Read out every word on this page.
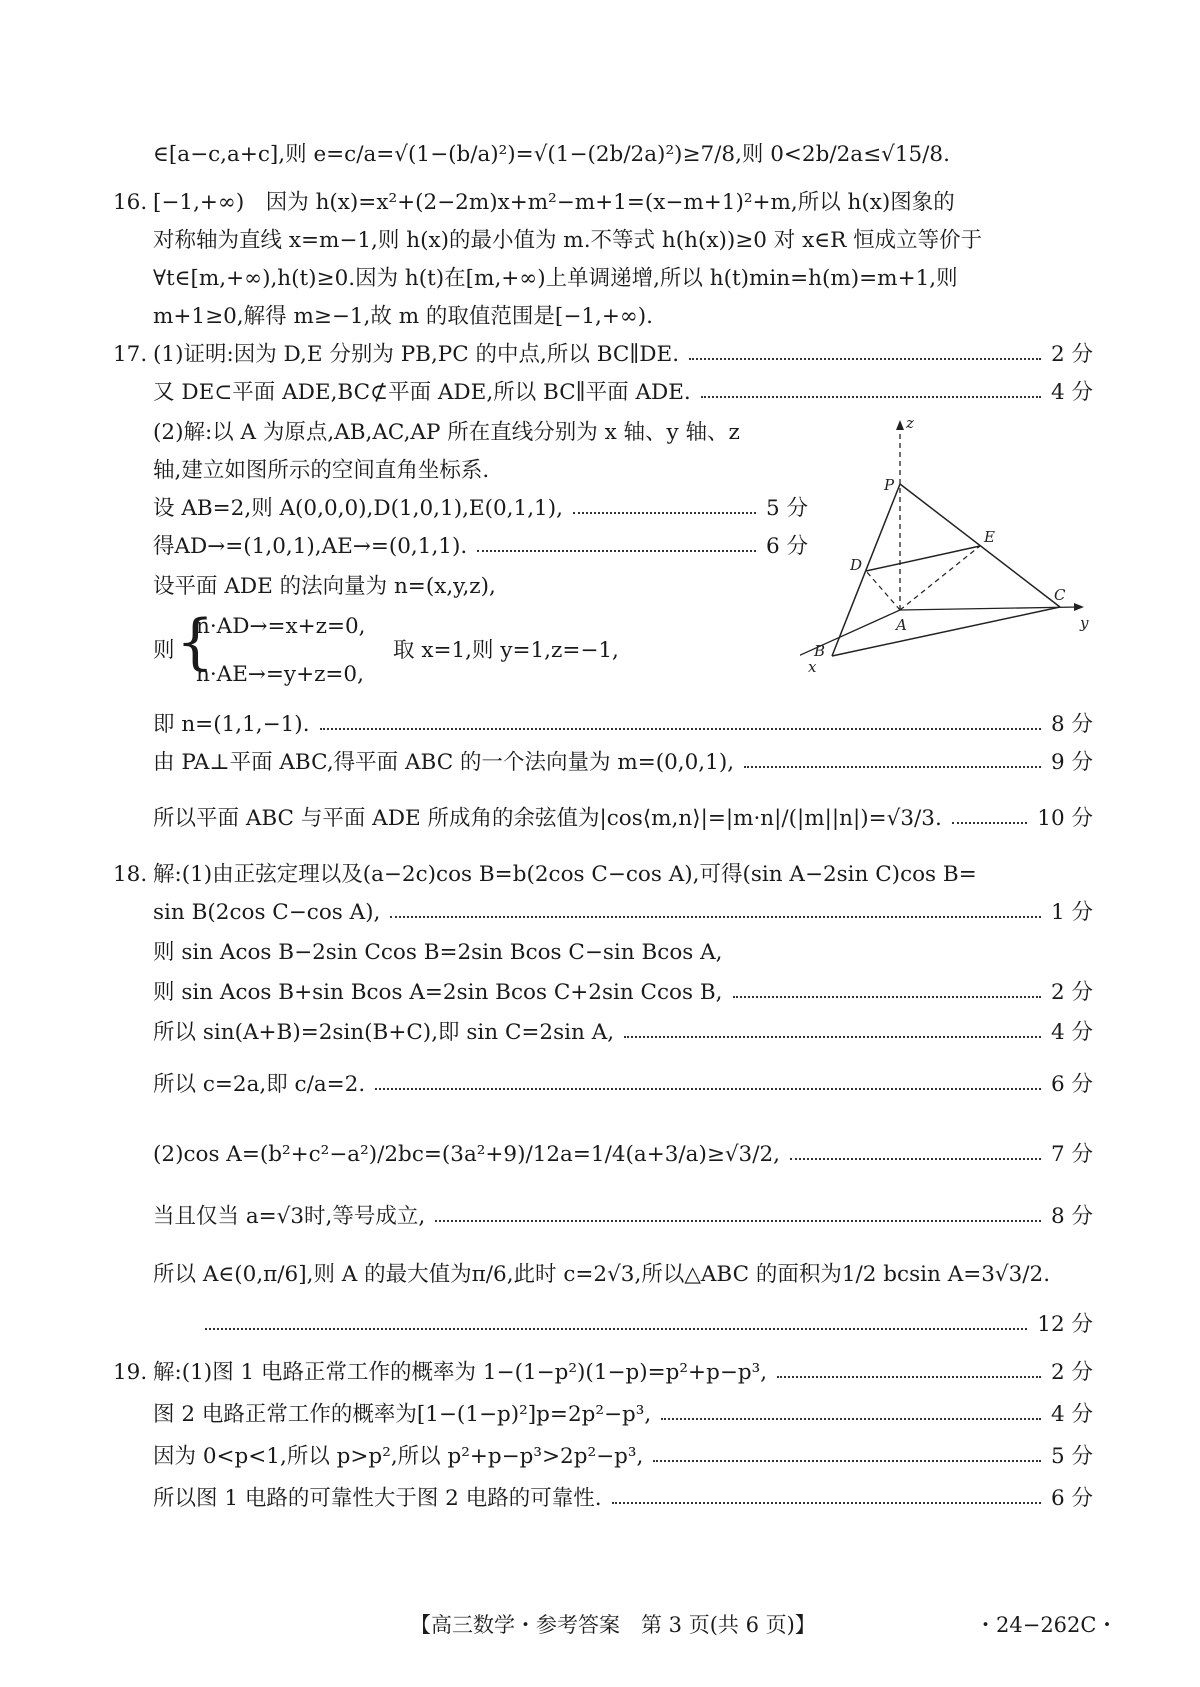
∈[a−c,a+c],则 e=c/a=√(1−(b/a)²)=√(1−(2b/2a)²)≥7/8,则 0<2b/2a≤√15/8.
16. [−1,+∞)　因为 h(x)=x²+(2−2m)x+m²−m+1=(x−m+1)²+m,所以 h(x)图象的
对称轴为直线 x=m−1,则 h(x)的最小值为 m.不等式 h(h(x))≥0 对 x∈R 恒成立等价于
∀t∈[m,+∞),h(t)≥0.因为 h(t)在[m,+∞)上单调递增,所以 h(t)min=h(m)=m+1,则
m+1≥0,解得 m≥−1,故 m 的取值范围是[−1,+∞).
17. (1)证明:因为 D,E 分别为 PB,PC 的中点,所以 BC∥DE.	2 分
又 DE⊂平面 ADE,BC⊄平面 ADE,所以 BC∥平面 ADE.	4 分
(2)解:以 A 为原点,AB,AC,AP 所在直线分别为 x 轴、y 轴、z
轴,建立如图所示的空间直角坐标系.
设 AB=2,则 A(0,0,0),D(1,0,1),E(0,1,1),	5 分
得AD→=(1,0,1),AE→=(0,1,1).	6 分
设平面 ADE 的法向量为 n=(x,y,z),
则 {
n·AD→=x+z=0,
n·AE→=y+z=0,
取 x=1,则 y=1,z=−1,
即 n=(1,1,−1).	8 分
由 PA⊥平面 ABC,得平面 ABC 的一个法向量为 m=(0,0,1),	9 分
所以平面 ABC 与平面 ADE 所成角的余弦值为|cos⟨m,n⟩|=|m·n|/(|m||n|)=√3/3.	10 分
z
P
E
D
A
C
y
B
x
18. 解:(1)由正弦定理以及(a−2c)cos B=b(2cos C−cos A),可得(sin A−2sin C)cos B=
sin B(2cos C−cos A),	1 分
则 sin Acos B−2sin Ccos B=2sin Bcos C−sin Bcos A,
则 sin Acos B+sin Bcos A=2sin Bcos C+2sin Ccos B,	2 分
所以 sin(A+B)=2sin(B+C),即 sin C=2sin A,	4 分
所以 c=2a,即 c/a=2.	6 分
(2)cos A=(b²+c²−a²)/2bc=(3a²+9)/12a=1/4(a+3/a)≥√3/2,	7 分
当且仅当 a=√3时,等号成立,	8 分
所以 A∈(0,π/6],则 A 的最大值为π/6,此时 c=2√3,所以△ABC 的面积为1/2 bcsin A=3√3/2.
12 分
19. 解:(1)图 1 电路正常工作的概率为 1−(1−p²)(1−p)=p²+p−p³,	2 分
图 2 电路正常工作的概率为[1−(1−p)²]p=2p²−p³,	4 分
因为 0<p<1,所以 p>p²,所以 p²+p−p³>2p²−p³,	5 分
所以图 1 电路的可靠性大于图 2 电路的可靠性.	6 分
【高三数学・参考答案　第 3 页(共 6 页)】	・24−262C・
